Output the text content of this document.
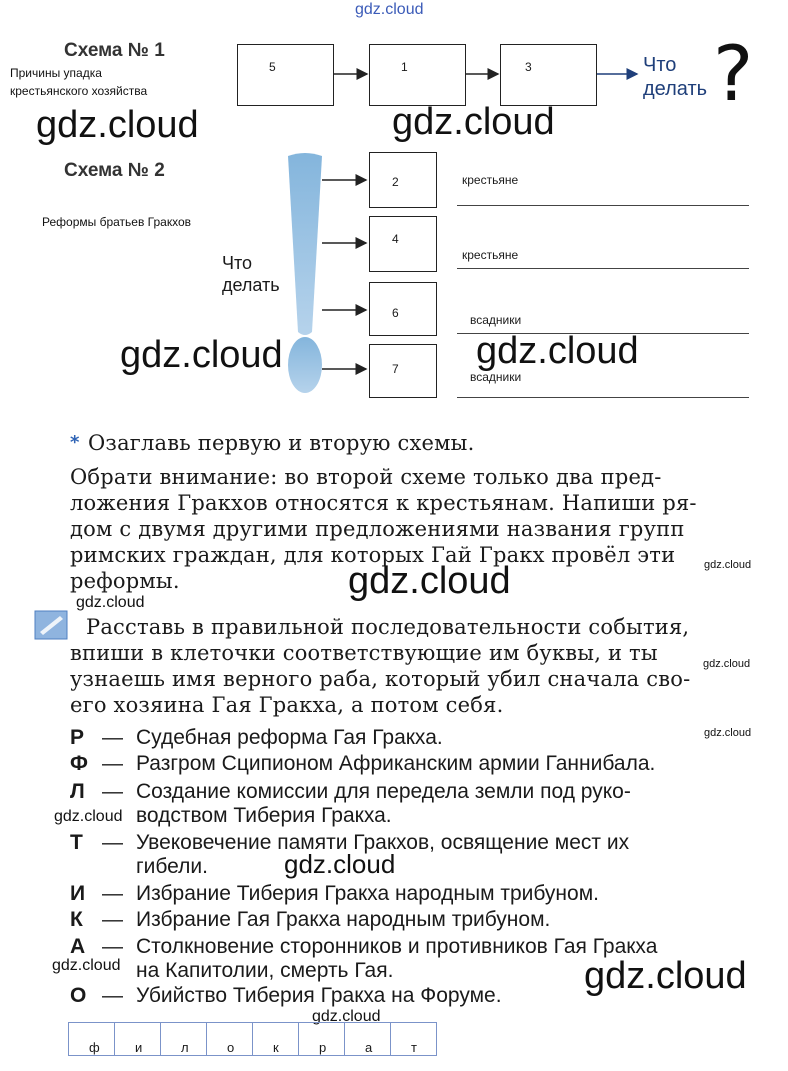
gdz.cloud
Схема № 1
Причины упадка
крестьянского хозяйства
5	1	3	Что
делать ?
gdz.cloud	gdz.cloud
Схема № 2
Реформы братьев Гракхов
Что
делать
2
4
6
7
крестьяне
крестьяне
всадники
всадники
gdz.cloud	gdz.cloud
* Озаглавь первую и вторую схемы.
Обрати внимание: во второй схеме только два пред-
ложения Гракхов относятся к крестьянам. Напиши ря-
дом с двумя другими предложениями названия групп
римских граждан, для которых Гай Гракх провёл эти
реформы.
gdz.cloud
gdz.cloud
gdz.cloud
Расставь в правильной последовательности события,
впиши в клеточки соответствующие им буквы, и ты
узнаешь имя верного раба, который убил сначала сво-
его хозяина Гая Гракха, а потом себя.
gdz.cloud
Р — Судебная реформа Гая Гракха.	gdz.cloud
Ф — Разгром Сципионом Африканским армии Ганнибала.
Л — Создание комиссии для передела земли под руко-
водством Тиберия Гракха.
gdz.cloud
Т — Увековечение памяти Гракхов, освящение мест их
гибели.	gdz.cloud
И — Избрание Тиберия Гракха народным трибуном.
К — Избрание Гая Гракха народным трибуном.
А — Столкновение сторонников и противников Гая Гракха
на Капитолии, смерть Гая.
gdz.cloud	gdz.cloud
О — Убийство Тиберия Гракха на Форуме.
gdz.cloud
ф	и	л	о	к	р	а	т
